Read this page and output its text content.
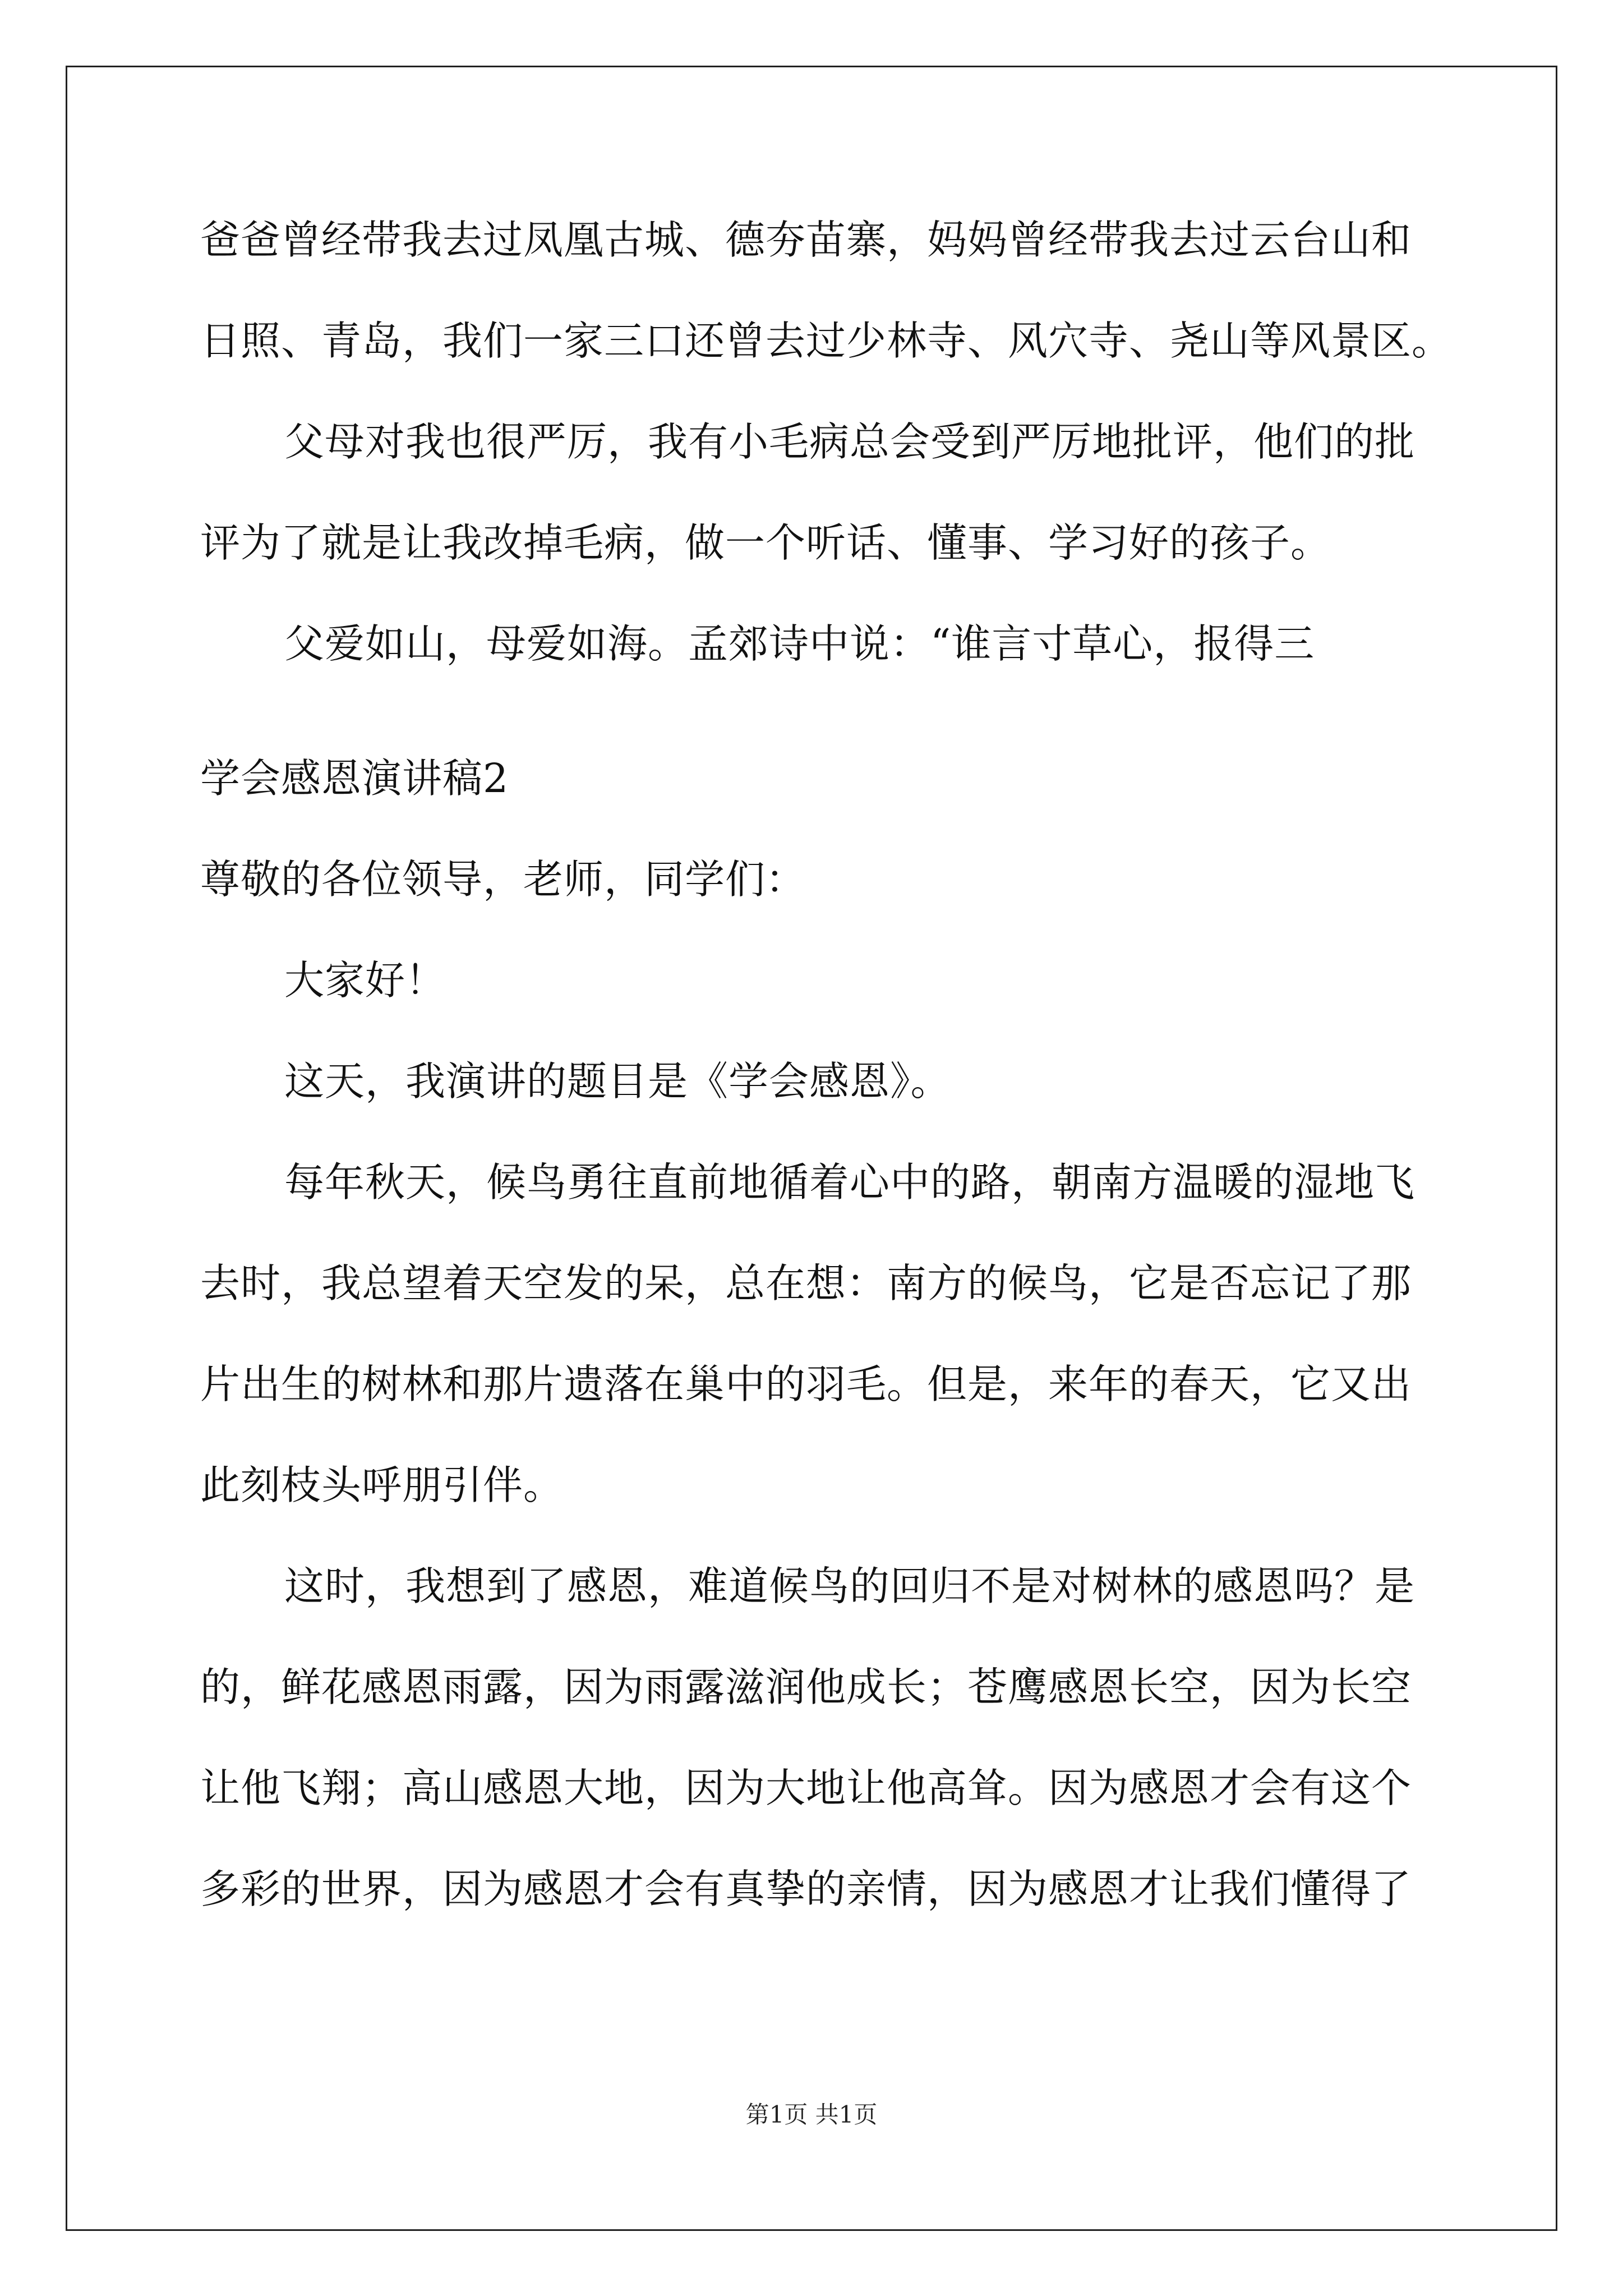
爸爸曾经带我去过凤凰古城、德夯苗寨，妈妈曾经带我去过云台山和
日照、青岛，我们一家三口还曾去过少林寺、风穴寺、尧山等风景区。
父母对我也很严厉，我有小毛病总会受到严厉地批评，他们的批
评为了就是让我改掉毛病，做一个听话、懂事、学习好的孩子。
父爱如山，母爱如海。孟郊诗中说：“谁言寸草心，报得三
学会感恩演讲稿2
尊敬的各位领导，老师，同学们：
大家好！
这天，我演讲的题目是《学会感恩》。
每年秋天，候鸟勇往直前地循着心中的路，朝南方温暖的湿地飞
去时，我总望着天空发的呆，总在想：南方的候鸟，它是否忘记了那
片出生的树林和那片遗落在巢中的羽毛。但是，来年的春天，它又出
此刻枝头呼朋引伴。
这时，我想到了感恩，难道候鸟的回归不是对树林的感恩吗？是
的，鲜花感恩雨露，因为雨露滋润他成长；苍鹰感恩长空，因为长空
让他飞翔；高山感恩大地，因为大地让他高耸。因为感恩才会有这个
多彩的世界，因为感恩才会有真挚的亲情，因为感恩才让我们懂得了
第1页 共1页
